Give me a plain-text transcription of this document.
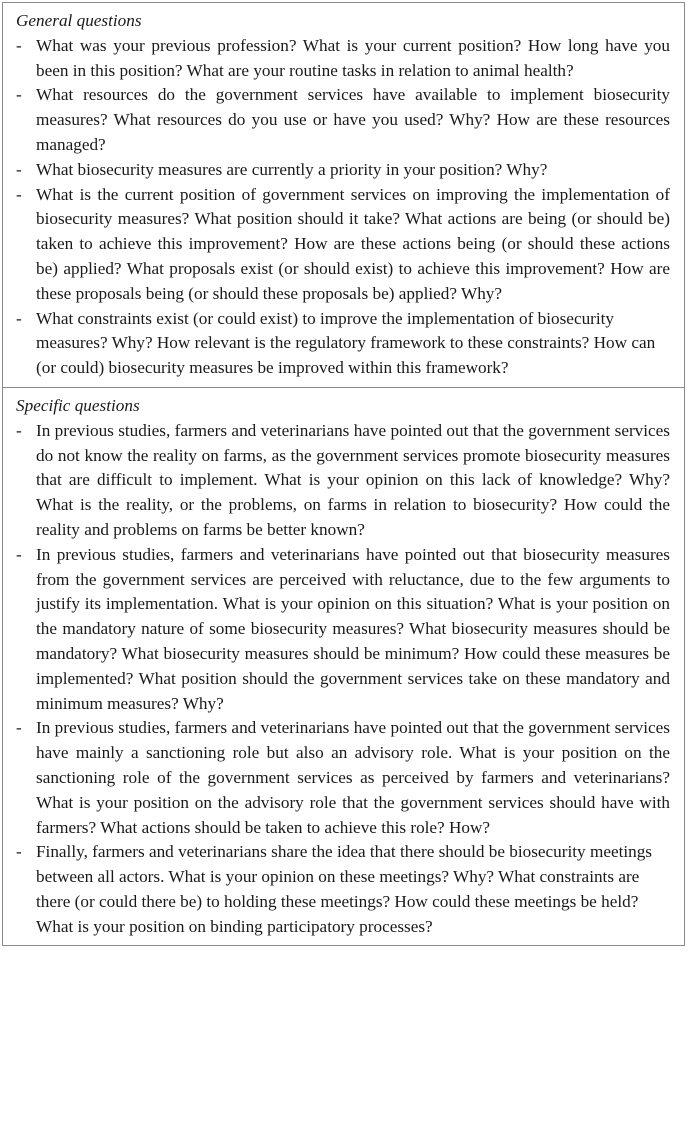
General questions

- What was your previous profession? What is your current position? How long have you been in this position? What are your routine tasks in relation to animal health?
- What resources do the government services have available to implement biosecurity measures? What resources do you use or have you used? Why? How are these resources managed?
- What biosecurity measures are currently a priority in your position? Why?
- What is the current position of government services on improving the implementation of biosecurity measures? What position should it take? What actions are being (or should be) taken to achieve this improvement? How are these actions being (or should these actions be) applied? What proposals exist (or should exist) to achieve this improvement? How are these proposals being (or should these proposals be) applied? Why?
- What constraints exist (or could exist) to improve the implementation of biosecurity measures? Why? How relevant is the regulatory framework to these constraints? How can (or could) biosecurity measures be improved within this framework?

Specific questions

- In previous studies, farmers and veterinarians have pointed out that the government services do not know the reality on farms, as the government services promote biosecurity measures that are difficult to implement. What is your opinion on this lack of knowledge? Why? What is the reality, or the problems, on farms in relation to biosecurity? How could the reality and problems on farms be better known?
- In previous studies, farmers and veterinarians have pointed out that biosecurity measures from the government services are perceived with reluctance, due to the few arguments to justify its implementation. What is your opinion on this situation? What is your position on the mandatory nature of some biosecurity measures? What biosecurity measures should be mandatory? What biosecurity measures should be minimum? How could these measures be implemented? What position should the government services take on these mandatory and minimum measures? Why?
- In previous studies, farmers and veterinarians have pointed out that the government services have mainly a sanctioning role but also an advisory role. What is your position on the sanctioning role of the government services as perceived by farmers and veterinarians? What is your position on the advisory role that the government services should have with farmers? What actions should be taken to achieve this role? How?
- Finally, farmers and veterinarians share the idea that there should be biosecurity meetings between all actors. What is your opinion on these meetings? Why? What constraints are there (or could there be) to holding these meetings? How could these meetings be held? What is your position on binding participatory processes?
